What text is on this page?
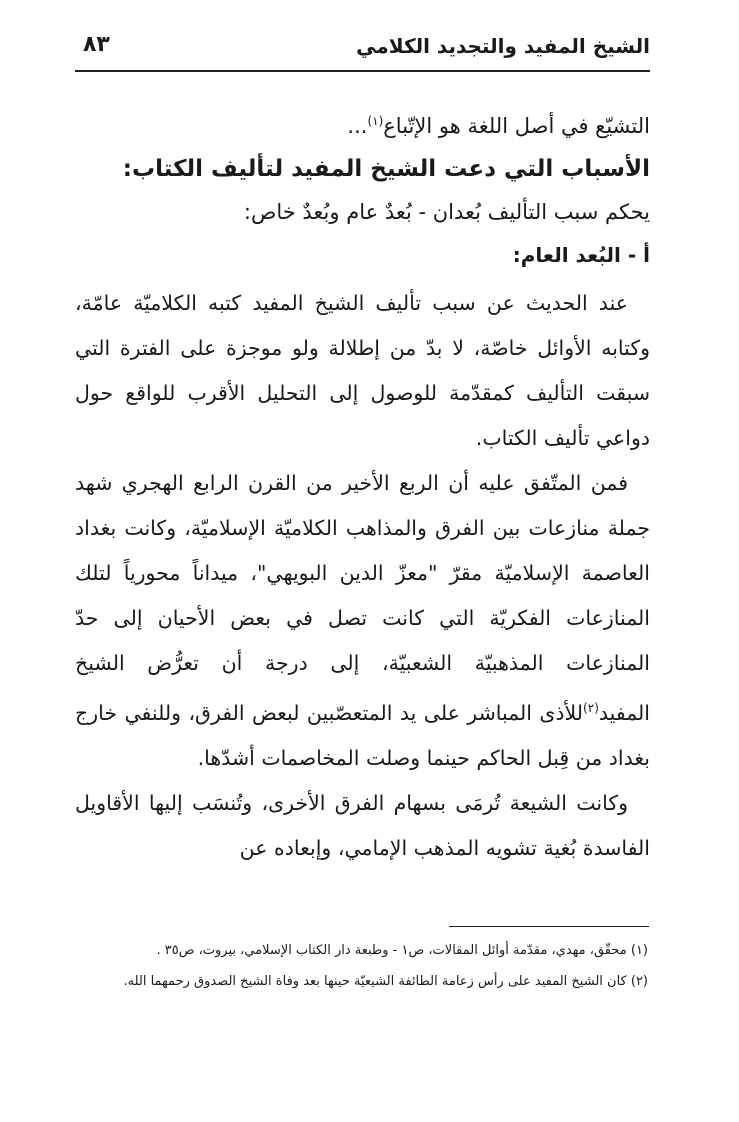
٨٣	الشيخ المفيد والتجديد الكلامي
التشيّع في أصل اللغة هو الإتّباع$^{(١)}$...
الأسباب التي دعت الشيخ المفيد لتأليف الكتاب:
يحكم سبب التأليف بُعدان - بُعدٌ عام وبُعدٌ خاص:
أ - البُعد العام:

عند الحديث عن سبب تأليف الشيخ المفيد كتبه الكلاميّة عامّة، وكتابه الأوائل خاصّة، لا بدّ من إطلالة ولو موجزة على الفترة التي سبقت التأليف كمقدّمة للوصول إلى التحليل الأقرب للواقع حول دواعي تأليف الكتاب.

فمن المتّفق عليه أن الربع الأخير من القرن الرابع الهجري شهد جملة منازعات بين الفرق والمذاهب الكلاميّة الإسلاميّة، وكانت بغداد العاصمة الإسلاميّة مقرّ "معزّ الدين البويهي"، ميداناً محورياً لتلك المنازعات الفكريّة التي كانت تصل في بعض الأحيان إلى حدّ المنازعات المذهبيّة الشعبيّة، إلى درجة أن تعرُّض الشيخ المفيد$^{(٢)}$للأذى المباشر على يد المتعصّبين لبعض الفرق، وللنفي خارج بغداد من قِبل الحاكم حينما وصلت المخاصمات أشدّها.

وكانت الشيعة تُرمَى بسهام الفرق الأخرى، وتُنسَب إليها الأقاويل الفاسدة بُغية تشويه المذهب الإمامي، وإبعاده عن

(١) محقّق، مهدي، مقدّمة أوائل المقالات، ص١ - وطبعة دار الكتاب الإسلامي، بيروت، ص٣٥ .
(٢) كان الشيخ المفيد على رأس زعامة الطائفة الشيعيّة حينها بعد وفاة الشيخ الصدوق رحمهما الله.
